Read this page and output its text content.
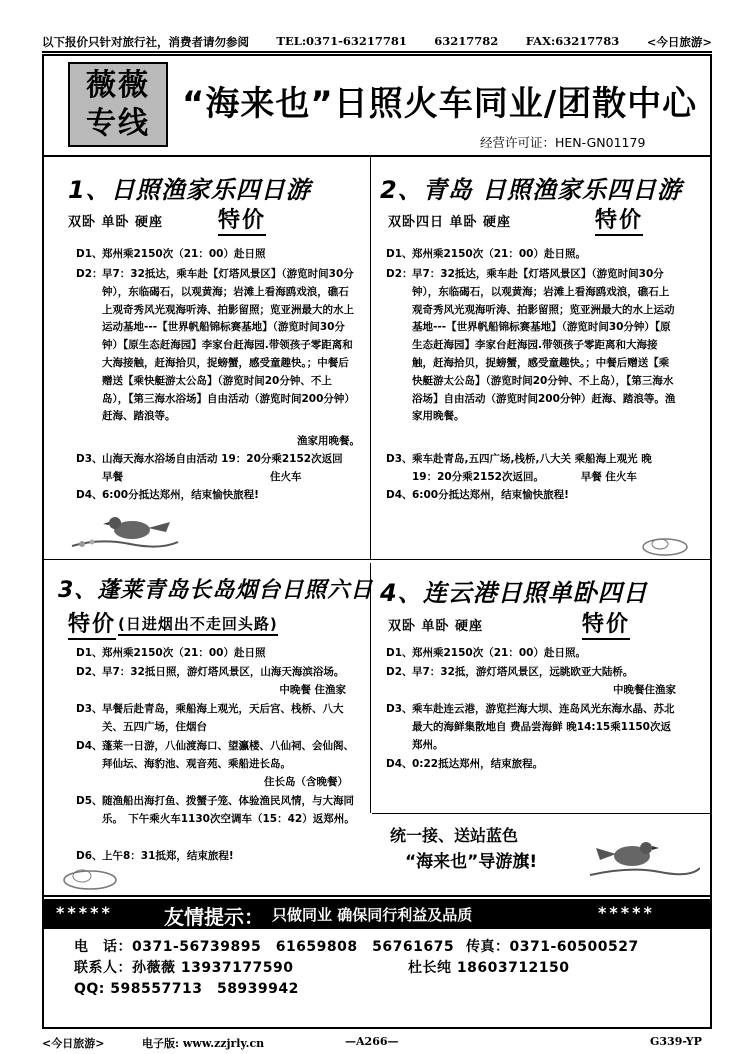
以下报价只针对旅行社，消费者请勿参阅 TEL:0371-63217781 63217782 FAX:63217783 <今日旅游>
薇薇
专线 “海来也”日照火车同业/团散中心
经营许可证：HEN-GN01179
1、日照渔家乐四日游
双卧 单卧 硬座 特价
D1、 郑州乘2150次（21：00）赴日照
D2： 早7：32抵达，乘车赴【灯塔风景区】（游览时间30分钟），东临碣石，以观黄海；岩滩上看海鸥戏浪，礁石上观奇秀风光观海听涛、拍影留照；览亚洲最大的水上运动基地---【世界帆船锦标赛基地】（游览时间30分钟）【原生态赶海园】李家台赶海园.带领孩子零距离和大海接触，赶海拾贝，捉螃蟹，感受童趣快。；中餐后赠送【乘快艇游太公岛】（游览时间20分钟、不上岛），【第三海水浴场】自由活动（游览时间200分钟）赶海、踏浪等。
渔家用晚餐。
D3、 山海天海水浴场自由活动 19：20分乘2152次返回
早餐　　　　　　　　　　　　　　住火车
D4、 6:00分抵达郑州，结束愉快旅程!
2、青岛 日照渔家乐四日游
双卧四日 单卧 硬座	特价
D1、 郑州乘2150次（21：00）赴日照。
D2： 早7：32抵达，乘车赴【灯塔风景区】（游览时间30分钟），东临碣石，以观黄海；岩滩上看海鸥戏浪，礁石上观奇秀风光观海听涛、拍影留照；览亚洲最大的水上运动基地---【世界帆船锦标赛基地】（游览时间30分钟）【原生态赶海园】李家台赶海园.带领孩子零距离和大海接触，赶海拾贝，捉螃蟹，感受童趣快。；中餐后赠送【乘快艇游太公岛】（游览时间20分钟、不上岛），【第三海水浴场】自由活动（游览时间200分钟）赶海、踏浪等。渔家用晚餐。
D3、 乘车赴青岛,五四广场,栈桥,八大关 乘船海上观光 晚19：20分乘2152次返回。　　　　早餐 住火车
D4、 6:00分抵达郑州，结束愉快旅程!
3、蓬莱青岛长岛烟台日照六日
特价 (日进烟出不走回头路)
D1、 郑州乘2150次（21：00）赴日照
D2、 早7：32抵日照，游灯塔风景区，山海天海滨浴场。
中晚餐 住渔家
D3、 早餐后赴青岛，乘船海上观光，天后宫、栈桥、八大关、五四广场，住烟台
D4、 蓬莱一日游，八仙渡海口、望瀛楼、八仙祠、会仙阁、拜仙坛、海豹池、观音苑、乘船进长岛。
住长岛（含晚餐）
D5、 随渔船出海打鱼、拨蟹子笼、体验渔民风情，与大海同乐。　下午乘火车1130次空调车（15：42）返郑州。
D6、 上午8：31抵郑，结束旅程!
4、连云港日照单卧四日
双卧 单卧 硬座	特价
D1、 郑州乘2150次（21：00）赴日照。
D2、 早7：32抵，游灯塔风景区，远眺欧亚大陆桥。
中晚餐住渔家
D3、 乘车赴连云港，游览拦海大坝、连岛风光东海水晶、苏北最大的海鲜集散地自 费品尝海鲜 晚14:15乘1150次返郑州。
D4、 0:22抵达郑州，结束旅程。
统一接、送站蓝色
“海来也”导游旗!
*****	友情提示： 只做同业 确保同行利益及品质	*****
电　话：0371-56739895　61659808　56761675 传真：0371-60500527
联系人：孙薇薇 13937177590	杜长纯 18603712150
QQ: 598557713　58939942
<今日旅游>	电子版: www.zzjrly.cn	—A266—	G339-YP
